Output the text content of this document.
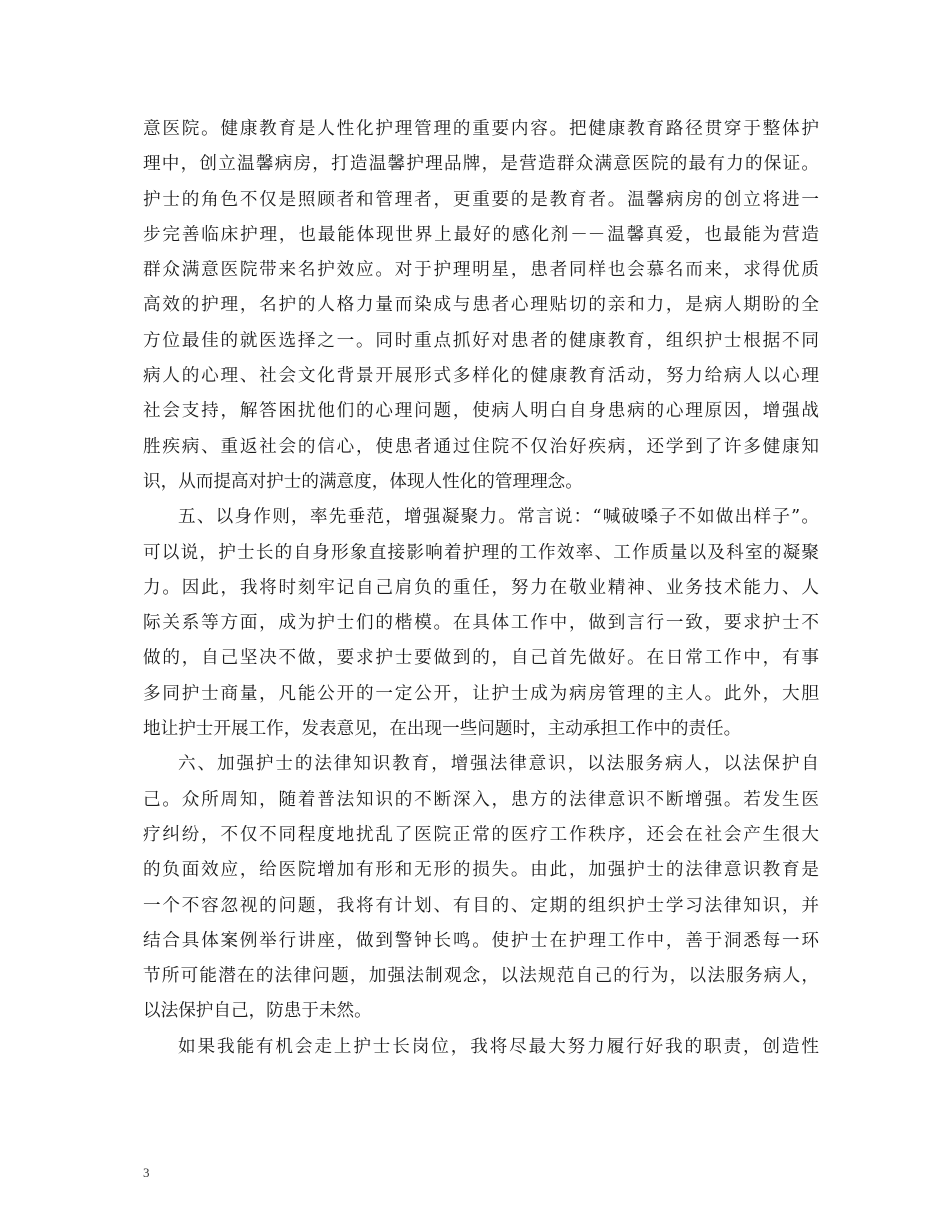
意医院。健康教育是人性化护理管理的重要内容。把健康教育路径贯穿于整体护
理中，创立温馨病房，打造温馨护理品牌，是营造群众满意医院的最有力的保证。
护士的角色不仅是照顾者和管理者，更重要的是教育者。温馨病房的创立将进一
步完善临床护理，也最能体现世界上最好的感化剂－－温馨真爱，也最能为营造
群众满意医院带来名护效应。对于护理明星，患者同样也会慕名而来，求得优质
高效的护理，名护的人格力量而染成与患者心理贴切的亲和力，是病人期盼的全
方位最佳的就医选择之一。同时重点抓好对患者的健康教育，组织护士根据不同
病人的心理、社会文化背景开展形式多样化的健康教育活动，努力给病人以心理
社会支持，解答困扰他们的心理问题，使病人明白自身患病的心理原因，增强战
胜疾病、重返社会的信心，使患者通过住院不仅治好疾病，还学到了许多健康知
识，从而提高对护士的满意度，体现人性化的管理理念。
五、以身作则，率先垂范，增强凝聚力。常言说：“喊破嗓子不如做出样子”。
可以说，护士长的自身形象直接影响着护理的工作效率、工作质量以及科室的凝聚
力。因此，我将时刻牢记自己肩负的重任，努力在敬业精神、业务技术能力、人
际关系等方面，成为护士们的楷模。在具体工作中，做到言行一致，要求护士不
做的，自己坚决不做，要求护士要做到的，自己首先做好。在日常工作中，有事
多同护士商量，凡能公开的一定公开，让护士成为病房管理的主人。此外，大胆
地让护士开展工作，发表意见，在出现一些问题时，主动承担工作中的责任。
六、加强护士的法律知识教育，增强法律意识，以法服务病人，以法保护自
己。众所周知，随着普法知识的不断深入，患方的法律意识不断增强。若发生医
疗纠纷，不仅不同程度地扰乱了医院正常的医疗工作秩序，还会在社会产生很大
的负面效应，给医院增加有形和无形的损失。由此，加强护士的法律意识教育是
一个不容忽视的问题，我将有计划、有目的、定期的组织护士学习法律知识，并
结合具体案例举行讲座，做到警钟长鸣。使护士在护理工作中，善于洞悉每一环
节所可能潜在的法律问题，加强法制观念，以法规范自己的行为，以法服务病人，
以法保护自己，防患于未然。
如果我能有机会走上护士长岗位，我将尽最大努力履行好我的职责，创造性
3
